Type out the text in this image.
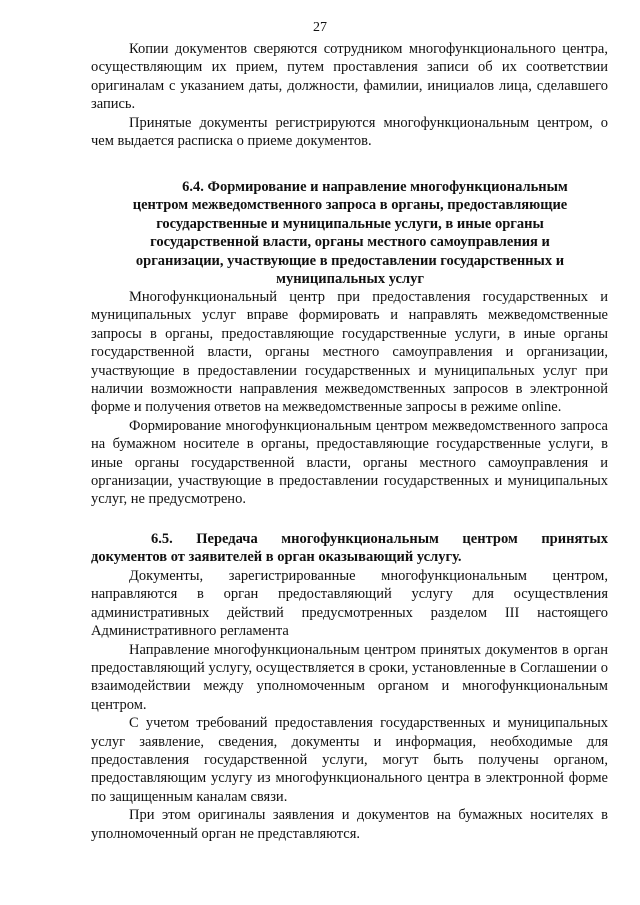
27

Копии документов сверяются сотрудником многофункционального центра, осуществляющим их прием, путем проставления записи об их соответствии оригиналам с указанием даты, должности, фамилии, инициалов лица, сделавшего запись.

Принятые документы регистрируются многофункциональным центром, о чем выдается расписка о приеме документов.

6.4. Формирование и направление многофункциональным центром межведомственного запроса в органы, предоставляющие государственные и муниципальные услуги, в иные органы государственной власти, органы местного самоуправления и организации, участвующие в предоставлении государственных и муниципальных услуг

Многофункциональный центр при предоставления государственных и муниципальных услуг вправе формировать и направлять межведомственные запросы в органы, предоставляющие государственные услуги, в иные органы государственной власти, органы местного самоуправления и организации, участвующие в предоставлении государственных и муниципальных услуг при наличии возможности направления межведомственных запросов в электронной форме и получения ответов на межведомственные запросы в режиме online.

Формирование многофункциональным центром межведомственного запроса на бумажном носителе в органы, предоставляющие государственные услуги, в иные органы государственной власти, органы местного самоуправления и организации, участвующие в предоставлении государственных и муниципальных услуг, не предусмотрено.

6.5. Передача многофункциональным центром принятых документов от заявителей в орган оказывающий услугу.

Документы, зарегистрированные многофункциональным центром, направляются в орган предоставляющий услугу для осуществления административных действий предусмотренных разделом III настоящего Административного регламента

Направление многофункциональным центром принятых документов в орган предоставляющий услугу, осуществляется в сроки, установленные в Соглашении о взаимодействии между уполномоченным органом и многофункциональным центром.

С учетом требований предоставления государственных и муниципальных услуг заявление, сведения, документы и информация, необходимые для предоставления государственной услуги, могут быть получены органом, предоставляющим услугу из многофункционального центра в электронной форме по защищенным каналам связи.

При этом оригиналы заявления и документов на бумажных носителях в уполномоченный орган не представляются.
